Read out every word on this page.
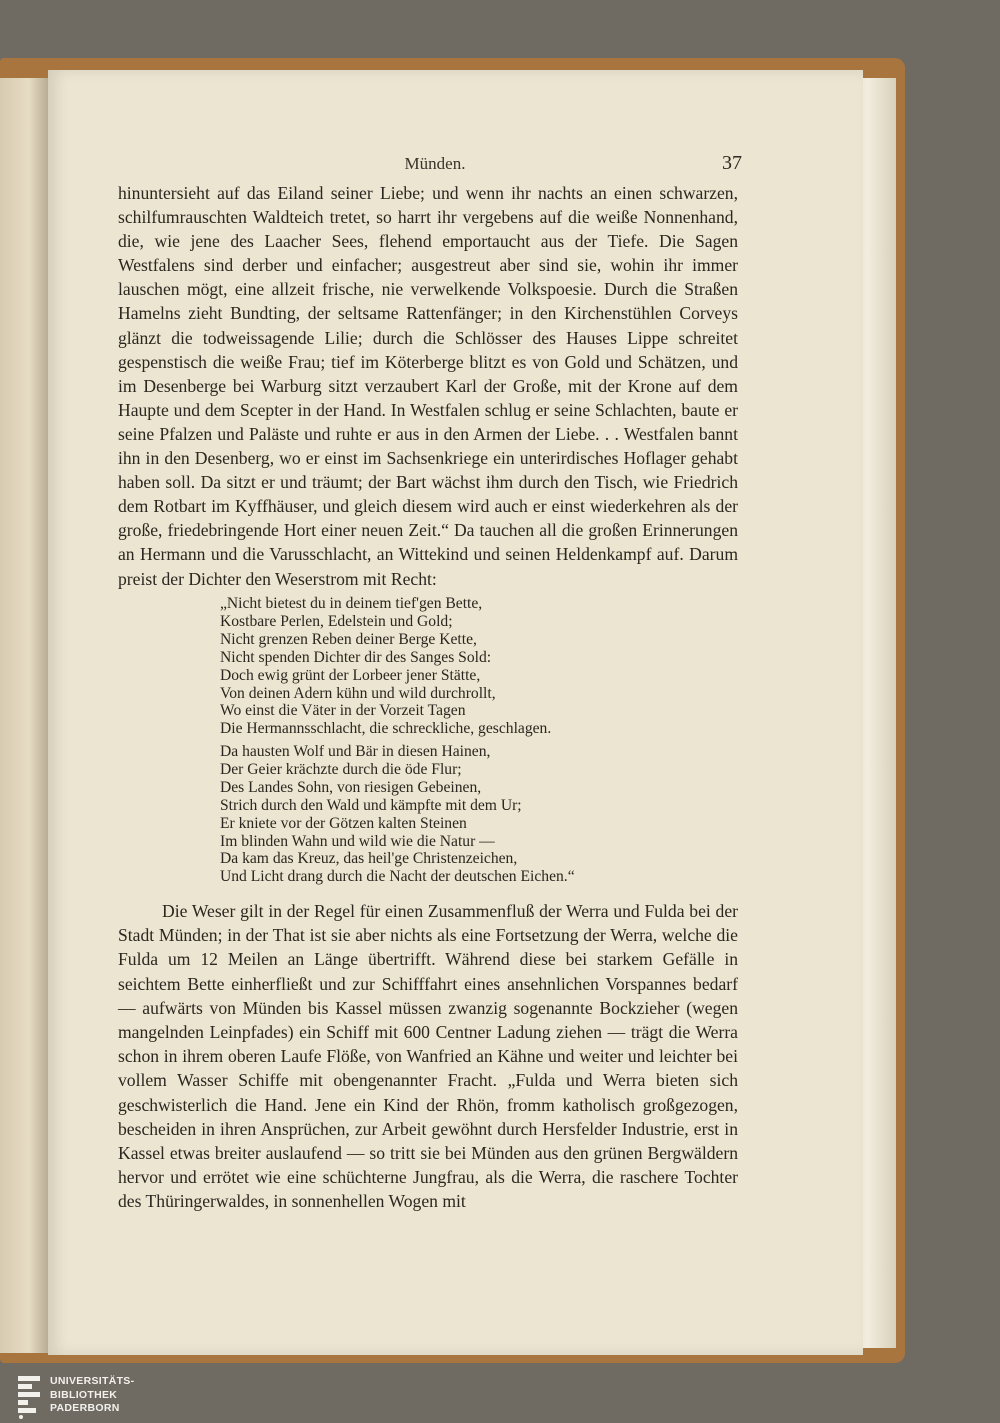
Münden.	37

hinuntersieht auf das Eiland seiner Liebe; und wenn ihr nachts an einen schwarzen, schilfumrauschten Waldteich tretet, so harrt ihr vergebens auf die weiße Nonnenhand, die, wie jene des Laacher Sees, flehend emportaucht aus der Tiefe. Die Sagen Westfalens sind derber und einfacher; ausgestreut aber sind sie, wohin ihr immer lauschen mögt, eine allzeit frische, nie verwelkende Volkspoesie. Durch die Straßen Hamelns zieht Bundting, der seltsame Rattenfänger; in den Kirchenstühlen Corveys glänzt die todweissagende Lilie; durch die Schlösser des Hauses Lippe schreitet gespenstisch die weiße Frau; tief im Köterberge blitzt es von Gold und Schätzen, und im Desenberge bei Warburg sitzt verzaubert Karl der Große, mit der Krone auf dem Haupte und dem Scepter in der Hand. In Westfalen schlug er seine Schlachten, baute er seine Pfalzen und Paläste und ruhte er aus in den Armen der Liebe. . . Westfalen bannt ihn in den Desenberg, wo er einst im Sachsenkriege ein unterirdisches Hoflager gehabt haben soll. Da sitzt er und träumt; der Bart wächst ihm durch den Tisch, wie Friedrich dem Rotbart im Kyffhäuser, und gleich diesem wird auch er einst wiederkehren als der große, friedebringende Hort einer neuen Zeit.“ Da tauchen all die großen Erinnerungen an Hermann und die Varusschlacht, an Wittekind und seinen Heldenkampf auf. Darum preist der Dichter den Weserstrom mit Recht:

„Nicht bietest du in deinem tief'gen Bette,
Kostbare Perlen, Edelstein und Gold;
Nicht grenzen Reben deiner Berge Kette,
Nicht spenden Dichter dir des Sanges Sold:
Doch ewig grünt der Lorbeer jener Stätte,
Von deinen Adern kühn und wild durchrollt,
Wo einst die Väter in der Vorzeit Tagen
Die Hermannsschlacht, die schreckliche, geschlagen.
Da hausten Wolf und Bär in diesen Hainen,
Der Geier krächzte durch die öde Flur;
Des Landes Sohn, von riesigen Gebeinen,
Strich durch den Wald und kämpfte mit dem Ur;
Er kniete vor der Götzen kalten Steinen
Im blinden Wahn und wild wie die Natur —
Da kam das Kreuz, das heil'ge Christenzeichen,
Und Licht drang durch die Nacht der deutschen Eichen.“

Die Weser gilt in der Regel für einen Zusammenfluß der Werra und Fulda bei der Stadt Münden; in der That ist sie aber nichts als eine Fortsetzung der Werra, welche die Fulda um 12 Meilen an Länge übertrifft. Während diese bei starkem Gefälle in seichtem Bette einherfließt und zur Schifffahrt eines ansehnlichen Vorspannes bedarf — aufwärts von Münden bis Kassel müssen zwanzig sogenannte Bockzieher (wegen mangelnden Leinpfades) ein Schiff mit 600 Centner Ladung ziehen — trägt die Werra schon in ihrem oberen Laufe Flöße, von Wanfried an Kähne und weiter und leichter bei vollem Wasser Schiffe mit obengenannter Fracht. „Fulda und Werra bieten sich geschwisterlich die Hand. Jene ein Kind der Rhön, fromm katholisch großgezogen, bescheiden in ihren Ansprüchen, zur Arbeit gewöhnt durch Hersfelder Industrie, erst in Kassel etwas breiter auslaufend — so tritt sie bei Münden aus den grünen Bergwäldern hervor und errötet wie eine schüchterne Jungfrau, als die Werra, die raschere Tochter des Thüringerwaldes, in sonnenhellen Wogen mit

UNIVERSITÄTS-
BIBLIOTHEK
PADERBORN
